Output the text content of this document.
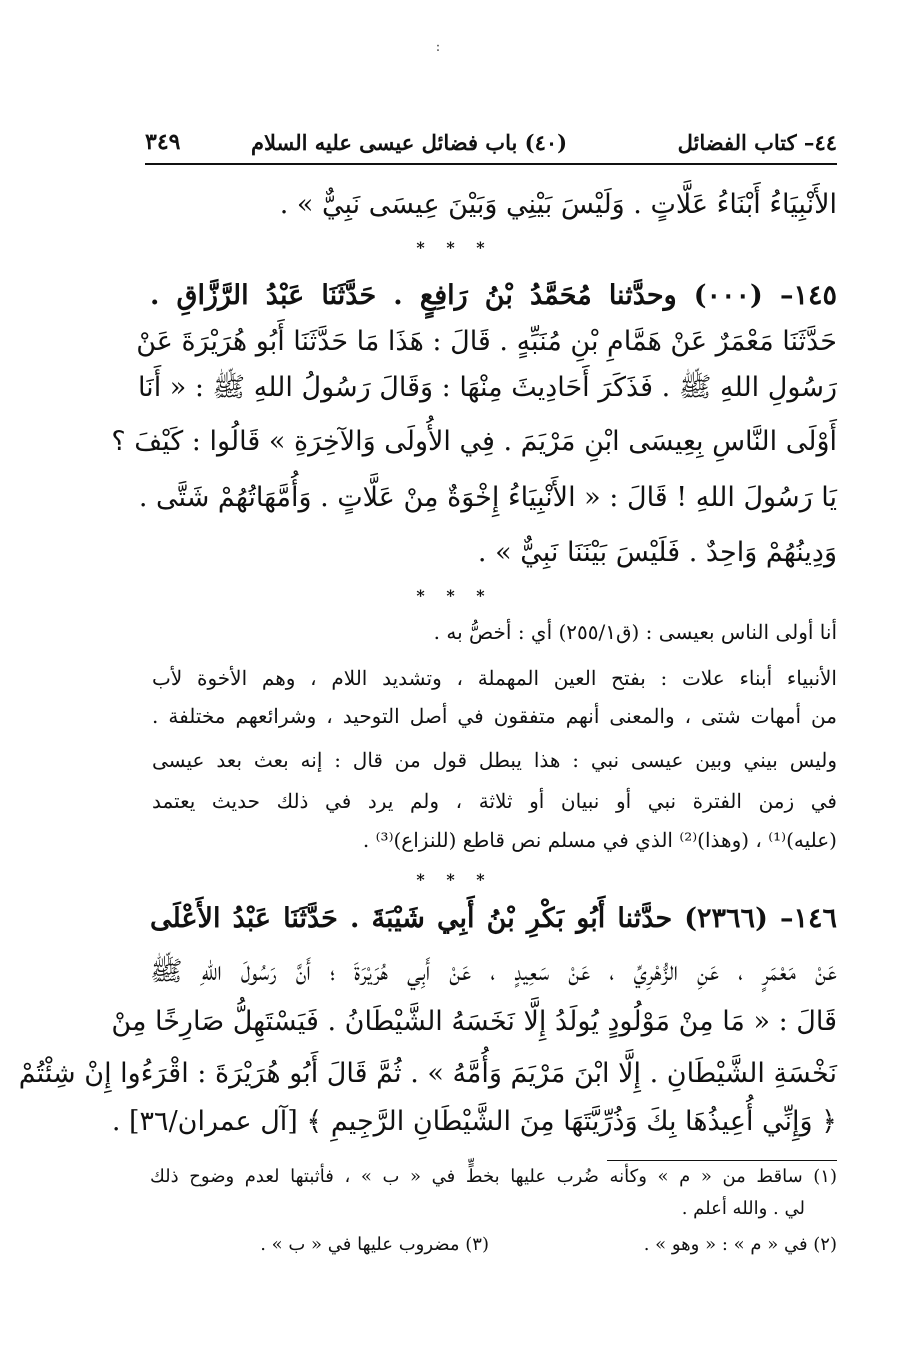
:
٤٤– كتاب الفضائل
(٤٠) باب فضائل عيسى عليه السلام
٣٤٩
الأَنْبِيَاءُ أَبْنَاءُ عَلَّاتٍ . وَلَيْسَ بَيْنِي وَبَيْنَ عِيسَى نَبِيٌّ » .
* * *
١٤٥– (٠٠٠) وحدَّثنا مُحَمَّدُ بْنُ رَافِعٍ . حَدَّثَنَا عَبْدُ الرَّزَّاقِ .
حَدَّثَنَا مَعْمَرٌ عَنْ هَمَّامِ بْنِ مُنَبِّهٍ . قَالَ : هَذَا مَا حَدَّثَنَا أَبُو هُرَيْرَةَ عَنْ
رَسُولِ اللهِ ﷺ . فَذَكَرَ أَحَادِيثَ مِنْهَا : وَقَالَ رَسُولُ اللهِ ﷺ : « أَنَا
أَوْلَى النَّاسِ بِعِيسَى ابْنِ مَرْيَمَ . فِي الأُولَى وَالآخِرَةِ » قَالُوا : كَيْفَ ؟
يَا رَسُولَ اللهِ ! قَالَ : « الأَنْبِيَاءُ إِخْوَةٌ مِنْ عَلَّاتٍ . وَأُمَّهَاتُهُمْ شَتَّى .
وَدِينُهُمْ وَاحِدٌ . فَلَيْسَ بَيْنَنَا نَبِيٌّ » .
* * *
أنا أولى الناس بعيسى : (ق٢٥٥/١) أي : أخصُّ به .
الأنبياء أبناء علات : بفتح العين المهملة ، وتشديد اللام ، وهم الأخوة لأب
من أمهات شتى ، والمعنى أنهم متفقون في أصل التوحيد ، وشرائعهم مختلفة .
وليس بيني وبين عيسى نبي : هذا يبطل قول من قال : إنه بعث بعد عيسى
في زمن الفترة نبي أو نبيان أو ثلاثة ، ولم يرد في ذلك حديث يعتمد
(عليه)⁽¹⁾ ، (وهذا)⁽²⁾ الذي في مسلم نص قاطع (للنزاع)⁽³⁾ .
* * *
١٤٦– (٢٣٦٦) حدَّثنا أَبُو بَكْرِ بْنُ أَبِي شَيْبَةَ . حَدَّثَنَا عَبْدُ الأَعْلَى
عَنْ مَعْمَرٍ ، عَنِ الزُّهْرِيِّ ، عَنْ سَعِيدٍ ، عَنْ أَبِي هُرَيْرَةَ ؛ أَنَّ رَسُولَ اللهِ ﷺ
قَالَ : « مَا مِنْ مَوْلُودٍ يُولَدُ إِلَّا نَخَسَهُ الشَّيْطَانُ . فَيَسْتَهِلُّ صَارِخًا مِنْ
نَخْسَةِ الشَّيْطَانِ . إِلَّا ابْنَ مَرْيَمَ وَأُمَّهُ » . ثُمَّ قَالَ أَبُو هُرَيْرَةَ : اقْرَءُوا إِنْ شِئْتُمْ
﴿ وَإِنِّي أُعِيذُهَا بِكَ وَذُرِّيَّتَهَا مِنَ الشَّيْطَانِ الرَّجِيمِ ﴾ [آل عمران/٣٦] .
(١) ساقط من « م » وكأنه ضُرب عليها بخطٍّ في « ب » ، فأثبتها لعدم وضوح ذلك
لي . والله أعلم .
(٢) في « م » : « وهو » .
(٣) مضروب عليها في « ب » .
